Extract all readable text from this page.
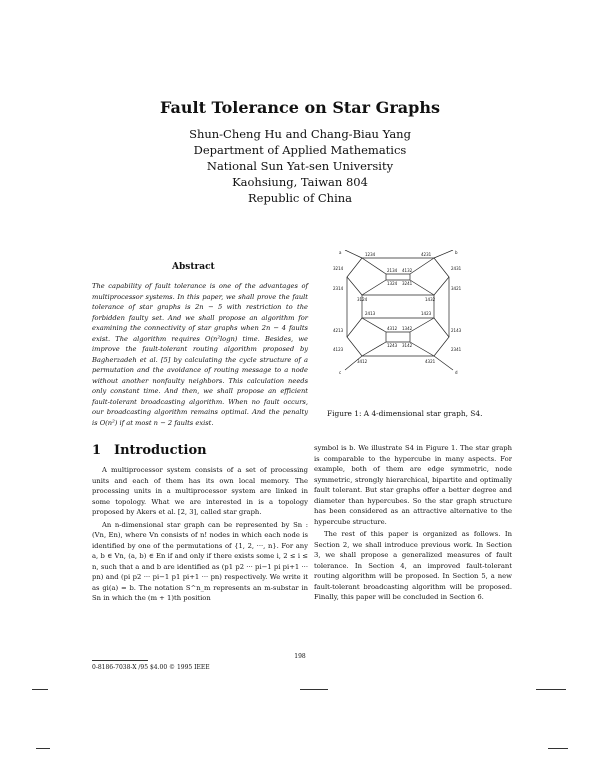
Fault Tolerance on Star Graphs
Shun-Cheng Hu and Chang-Biau Yang
Department of Applied Mathematics
National Sun Yat-sen University
Kaohsiung, Taiwan 804
Republic of China
Abstract
The capability of fault tolerance is one of the advantages of multiprocessor systems. In this paper, we shall prove the fault tolerance of star graphs is 2n − 5 with restriction to the forbidden faulty set. And we shall propose an algorithm for examining the connectivity of star graphs when 2n − 4 faults exist. The algorithm requires O(n²logn) time. Besides, we improve the fault-tolerant routing algorithm proposed by Bagherzadeh et al. [5] by calculating the cycle structure of a permutation and the avoidance of routing message to a node without another nonfaulty neighbors. This calculation needs only constant time. And then, we shall propose an efficient fault-tolerant broadcasting algorithm. When no fault occurs, our broadcasting algorithm remains optimal. And the penalty is O(n²) if at most n − 2 faults exist.
1 Introduction

A multiprocessor system consists of a set of processing units and each of them has its own local memory. The processing units in a multiprocessor system are linked in some topology. What we are interested in is a topology proposed by Akers et al. [2, 3], called star graph.

An n-dimensional star graph can be represented by Sn : (Vn, En), where Vn consists of n! nodes in which each node is identified by one of the permutations of {1, 2, ···, n}. For any a, b ∈ Vn, (a, b) ∈ En if and only if there exists some i, 2 ≤ i ≤ n, such that a and b are identified as (p1 p2 ··· pi−1 pi pi+1 ··· pn) and (pi p2 ··· pi−1 p1 pi+1 ··· pn) respectively. We write it as gi(a) = b. The notation S^n_m represents an m-substar in Sn in which the (m + 1)th position

symbol is b. We illustrate S4 in Figure 1. The star graph is comparable to the hypercube in many aspects. For example, both of them are edge symmetric, node symmetric, strongly hierarchical, bipartite and optimally fault tolerant. But star graphs offer a better degree and diameter than hypercubes. So the star graph structure has been considered as an attractive alternative to the hypercube structure.

The rest of this paper is organized as follows. In Section 2, we shall introduce previous work. In Section 3, we shall propose a generalized measures of fault tolerance. In Section 4, an improved fault-tolerant routing algorithm will be proposed. In Section 5, a new fault-tolerant broadcasting algorithm will be proposed. Finally, this paper will be concluded in Section 6.

a	b
c	d
1234	4231
3214	2431
2314	3421
2134 4132
1324 3241
3124	1432
2413	1423
4213	2143
4312 1342
1243 3142
4123	2341
3412	4321
Figure 1: A 4-dimensional star graph, S4.
198
0-8186-7038-X /95 $4.00 © 1995 IEEE
